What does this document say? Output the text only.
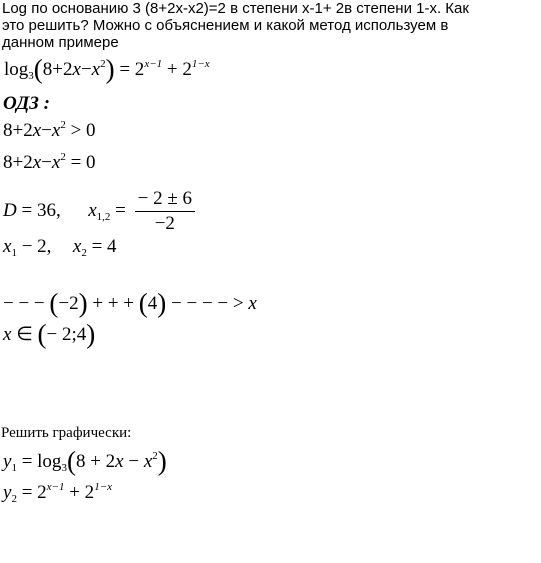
Log по основанию 3 (8+2x-x2)=2 в степени x-1+ 2в степени 1-x. Как это решить? Можно с объяснением и какой метод используем в данном примере
$\log_3(8+2x-x^2) = 2^{x-1} + 2^{1-x}$
ОДЗ :
$8+2x-x^2 > 0$
$8+2x-x^2 = 0$
D = 36, $x_{1,2} = \frac{- 2 \pm 6}{-2}$
$x_1 - 2$, $x_2 = 4$
− − − (−2) + + + (4) − − − − > x
x ∈ (− 2;4)
Решить графически:
$y_1 = \log_3(8 + 2x - x^2)$
$y_2 = 2^{x-1} + 2^{1-x}$
